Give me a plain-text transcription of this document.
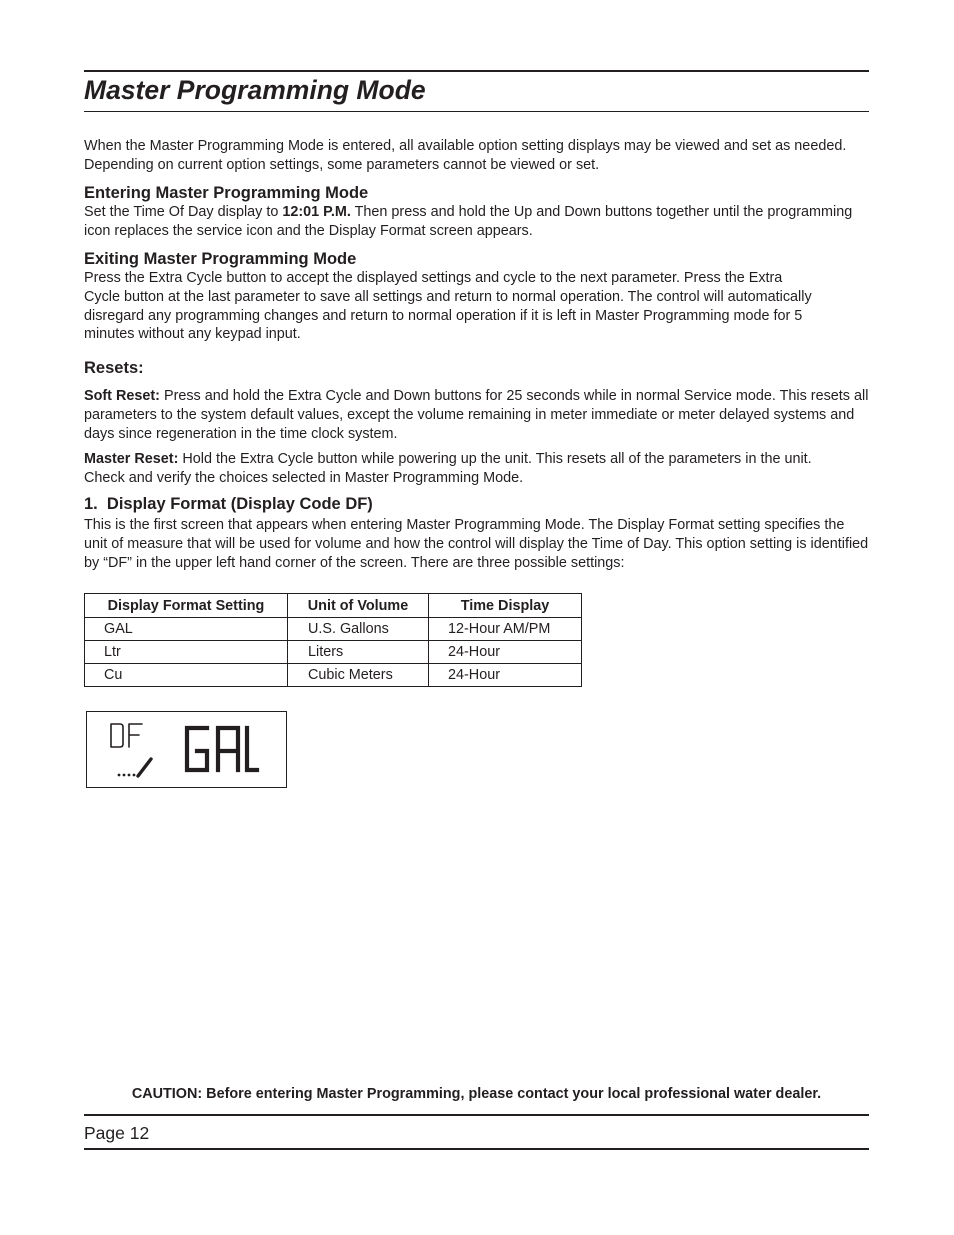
Master Programming Mode
When the Master Programming Mode is entered, all available option setting displays may be viewed and set as needed. Depending on current option settings, some parameters cannot be viewed or set.
Entering Master Programming Mode
Set the Time Of Day display to 12:01 P.M. Then press and hold the Up and Down buttons together until the programming icon replaces the service icon and the Display Format screen appears.
Exiting Master Programming Mode
Press the Extra Cycle button to accept the displayed settings and cycle to the next parameter. Press the Extra Cycle button at the last parameter to save all settings and return to normal operation. The control will automatically disregard any programming changes and return to normal operation if it is left in Master Programming mode for 5 minutes without any keypad input.
Resets:
Soft Reset: Press and hold the Extra Cycle and Down buttons for 25 seconds while in normal Service mode. This resets all parameters to the system default values, except the volume remaining in meter immediate or meter delayed systems and days since regeneration in the time clock system.
Master Reset: Hold the Extra Cycle button while powering up the unit. This resets all of the parameters in the unit. Check and verify the choices selected in Master Programming Mode.
1.  Display Format (Display Code DF)
This is the first screen that appears when entering Master Programming Mode. The Display Format setting specifies the unit of measure that will be used for volume and how the control will display the Time of Day. This option setting is identified by “DF” in the upper left hand corner of the screen. There are three possible settings:
Display Format Setting	Unit of Volume	Time Display
GAL	U.S. Gallons	12-Hour AM/PM
Ltr	Liters	24-Hour
Cu	Cubic Meters	24-Hour
CAUTION: Before entering Master Programming, please contact your local professional water dealer.
Page 12
